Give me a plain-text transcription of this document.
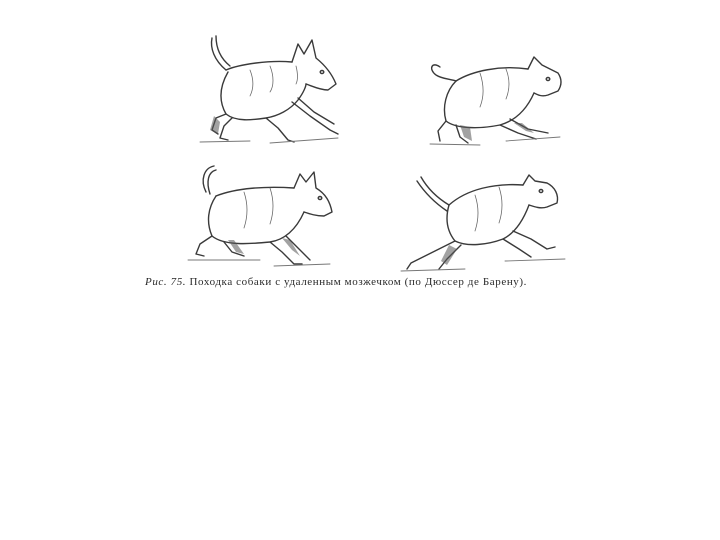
Рис. 75. Походка собаки с удаленным мозжечком (по Дюссер де Барену).
